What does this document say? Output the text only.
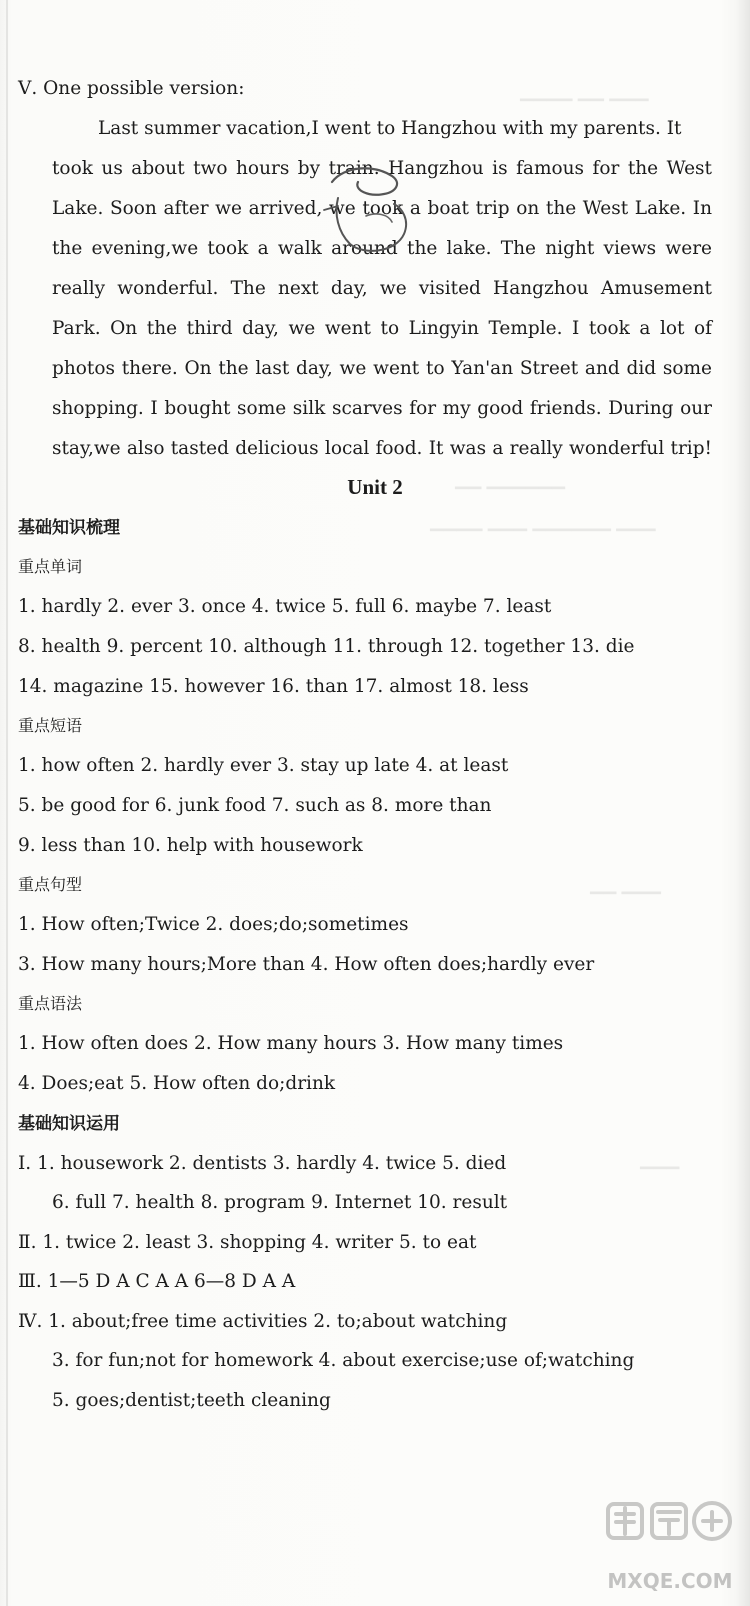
▁▁▁▁ ▁▁ ▁▁▁
▁▁ ▁▁▁▁▁▁
▁▁▁▁ ▁▁▁ ▁▁▁▁▁▁ ▁▁▁
▁▁ ▁▁▁
▁▁▁
Ⅴ. One possible version:
Last summer vacation,I went to Hangzhou with my parents. It
took us about two hours by train. Hangzhou is famous for the West
Lake. Soon after we arrived, we took a boat trip on the West Lake. In
the evening,we took a walk around the lake. The night views were
really wonderful. The next day, we visited Hangzhou Amusement
Park. On the third day, we went to Lingyin Temple. I took a lot of
photos there. On the last day, we went to Yan'an Street and did some
shopping. I bought some silk scarves for my good friends. During our
stay,we also tasted delicious local food. It was a really wonderful trip!
Unit 2
基础知识梳理
重点单词
1. hardly 2. ever 3. once 4. twice 5. full 6. maybe 7. least
8. health 9. percent 10. although 11. through 12. together 13. die
14. magazine 15. however 16. than 17. almost 18. less
重点短语
1. how often 2. hardly ever 3. stay up late 4. at least
5. be good for 6. junk food 7. such as 8. more than
9. less than 10. help with housework
重点句型
1. How often;Twice 2. does;do;sometimes
3. How many hours;More than 4. How often does;hardly ever
重点语法
1. How often does 2. How many hours 3. How many times
4. Does;eat 5. How often do;drink
基础知识运用
Ⅰ. 1. housework 2. dentists 3. hardly 4. twice 5. died
6. full 7. health 8. program 9. Internet 10. result
Ⅱ. 1. twice 2. least 3. shopping 4. writer 5. to eat
Ⅲ. 1—5 D A C A A 6—8 D A A
Ⅳ. 1. about;free time activities 2. to;about watching
3. for fun;not for homework 4. about exercise;use of;watching
5. goes;dentist;teeth cleaning
MXQE.COM
